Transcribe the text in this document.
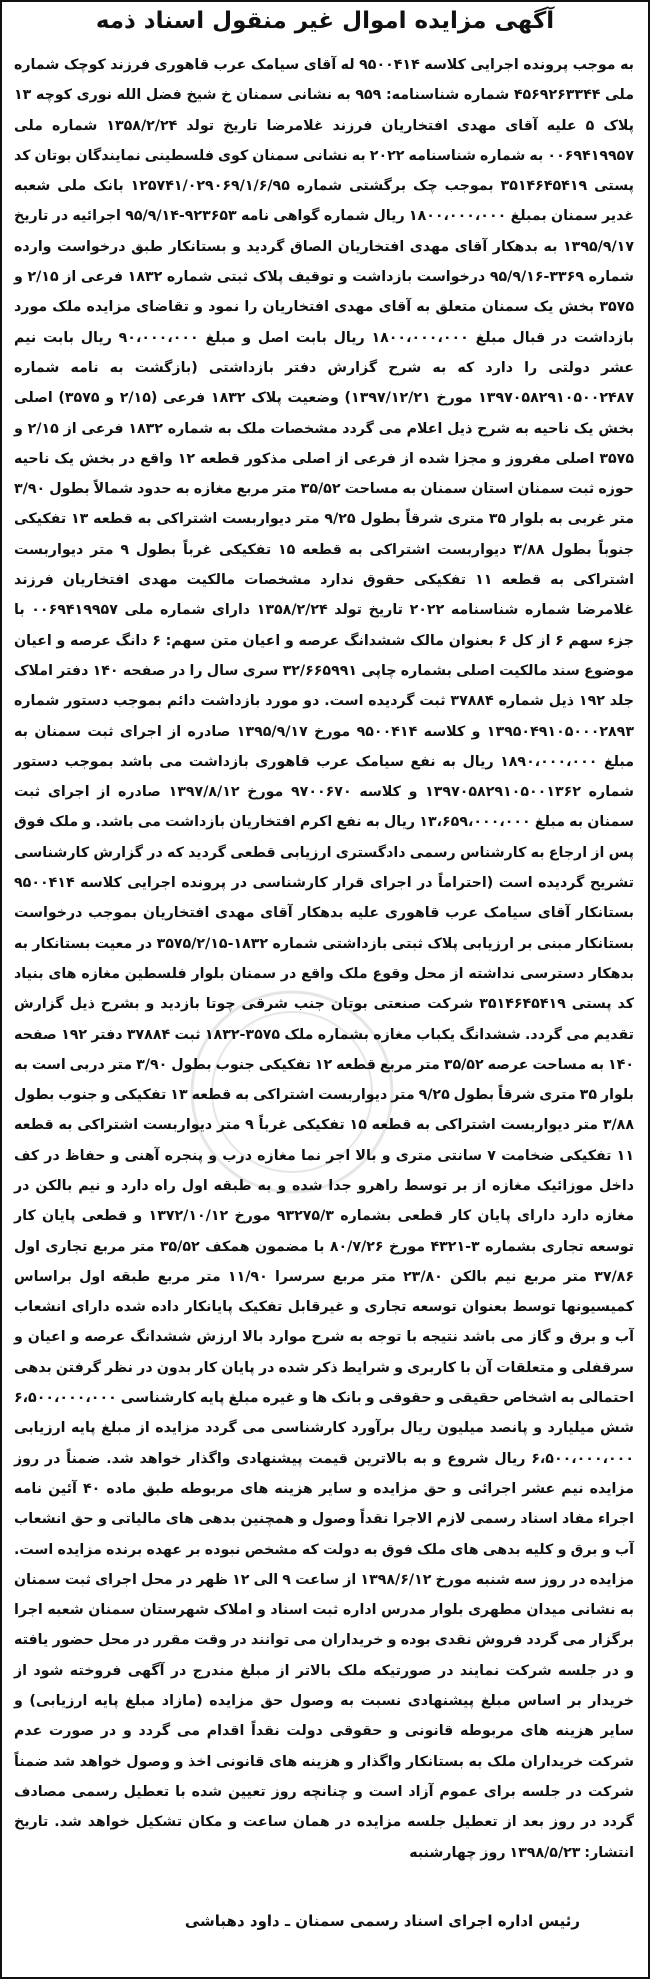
آگهی مزایده اموال غیر منقول اسناد ذمه
به موجب پرونده اجرایی کلاسه ۹۵۰۰۴۱۴ له آقای سیامک عرب قاهوری فرزند کوچک شماره ملی ۴۵۶۹۲۶۳۳۴۴ شماره شناسنامه: ۹۵۹ به نشانی سمنان خ شیخ فضل الله نوری کوچه ۱۳ پلاک ۵ علیه آقای مهدی افتخاریان فرزند غلامرضا تاریخ تولد ۱۳۵۸/۲/۲۴ شماره ملی ۰۰۶۹۴۱۹۹۵۷ به شماره شناسنامه ۲۰۲۲ به نشانی سمنان کوی فلسطینی نمایندگان بوتان کد پستی ۳۵۱۴۶۴۵۴۱۹ بموجب چک برگشتی شماره ۱۲۵۷۴۱/۰۲۹۰۶۹/۱/۶/۹۵ بانک ملی شعبه غدیر سمنان بمبلغ ۱۸۰۰،۰۰۰،۰۰۰ ریال شماره گواهی نامه ۹۲۳۶۵۳-۹۵/۹/۱۴ اجرائیه در تاریخ ۱۳۹۵/۹/۱۷ به بدهکار آقای مهدی افتخاریان الصاق گردید و بستانکار طبق درخواست وارده شماره ۳۳۶۹-۹۵/۹/۱۶ درخواست بازداشت و توقیف پلاک ثبتی شماره ۱۸۳۲ فرعی از ۲/۱۵ و ۳۵۷۵ بخش یک سمنان متعلق به آقای مهدی افتخاریان را نمود و تقاضای مزایده ملک مورد بازداشت در قبال مبلغ ۱۸۰۰،۰۰۰،۰۰۰ ریال بابت اصل و مبلغ ۹۰،۰۰۰،۰۰۰ ریال بابت نیم عشر دولتی را دارد که به شرح گزارش دفتر بازداشتی (بازگشت به نامه شماره ۱۳۹۷۰۵۸۲۹۱۰۵۰۰۲۴۸۷ مورخ ۱۳۹۷/۱۲/۲۱) وضعیت پلاک ۱۸۳۲ فرعی (۲/۱۵ و ۳۵۷۵) اصلی بخش یک ناحیه به شرح ذیل اعلام می گردد مشخصات ملک به شماره ۱۸۳۲ فرعی از ۲/۱۵ و ۳۵۷۵ اصلی مفروز و مجزا شده از فرعی از اصلی مذکور قطعه ۱۲ واقع در بخش یک ناحیه حوزه ثبت سمنان استان سمنان به مساحت ۳۵/۵۲ متر مربع مغازه به حدود شمالاً بطول ۳/۹۰ متر غربی به بلوار ۳۵ متری شرقاً بطول ۹/۲۵ متر دیواربست اشتراکی به قطعه ۱۳ تفکیکی جنوباً بطول ۳/۸۸ دیواربست اشتراکی به قطعه ۱۵ تفکیکی غرباً بطول ۹ متر دیواربست اشتراکی به قطعه ۱۱ تفکیکی حقوق ندارد مشخصات مالکیت مهدی افتخاریان فرزند غلامرضا شماره شناسنامه ۲۰۲۲ تاریخ تولد ۱۳۵۸/۲/۲۴ دارای شماره ملی ۰۰۶۹۴۱۹۹۵۷ با جزء سهم ۶ از کل ۶ بعنوان مالک ششدانگ عرصه و اعیان متن سهم: ۶ دانگ عرصه و اعیان موضوع سند مالکیت اصلی بشماره چاپی ۳۲/۶۶۵۹۹۱ سری سال را در صفحه ۱۴۰ دفتر املاک جلد ۱۹۲ ذیل شماره ۳۷۸۸۴ ثبت گردیده است. دو مورد بازداشت دائم بموجب دستور شماره ۱۳۹۵۰۴۹۱۰۵۰۰۰۲۸۹۳ و کلاسه ۹۵۰۰۴۱۴ مورخ ۱۳۹۵/۹/۱۷ صادره از اجرای ثبت سمنان به مبلغ ۱۸۹۰،۰۰۰،۰۰۰ ریال به نفع سیامک عرب قاهوری بازداشت می باشد بموجب دستور شماره ۱۳۹۷۰۵۸۲۹۱۰۵۰۰۱۳۶۲ و کلاسه ۹۷۰۰۶۷۰ مورخ ۱۳۹۷/۸/۱۲ صادره از اجرای ثبت سمنان به مبلغ ۱۳،۶۵۹،۰۰۰،۰۰۰ ریال به نفع اکرم افتخاریان بازداشت می باشد. و ملک فوق پس از ارجاع به کارشناس رسمی دادگستری ارزیابی قطعی گردید که در گزارش کارشناسی تشریح گردیده است (احتراماً در اجرای قرار کارشناسی در پرونده اجرایی کلاسه ۹۵۰۰۴۱۴ بستانکار آقای سیامک عرب قاهوری علیه بدهکار آقای مهدی افتخاریان بموجب درخواست بستانکار مبنی بر ارزیابی پلاک ثبتی بازداشتی شماره ۱۸۳۲-۳۵۷۵/۲/۱۵ در معیت بستانکار به بدهکار دسترسی نداشته از محل وقوع ملک واقع در سمنان بلوار فلسطین مغازه های بنیاد کد پستی ۳۵۱۴۶۴۵۴۱۹ شرکت صنعتی بوتان جنب شرقی چوتا بازدید و بشرح ذیل گزارش تقدیم می گردد. ششدانگ یکباب مغازه بشماره ملک ۳۵۷۵-۱۸۳۲ ثبت ۳۷۸۸۴ دفتر ۱۹۲ صفحه ۱۴۰ به مساحت عرصه ۳۵/۵۲ متر مربع قطعه ۱۲ تفکیکی جنوب بطول ۳/۹۰ متر دربی است به بلوار ۳۵ متری شرقاً بطول ۹/۲۵ متر دیواربست اشتراکی به قطعه ۱۳ تفکیکی و جنوب بطول ۳/۸۸ متر دیواربست اشتراکی به قطعه ۱۵ تفکیکی غرباً ۹ متر دیواربست اشتراکی به قطعه ۱۱ تفکیکی ضخامت ۷ سانتی متری و بالا اجر نما مغازه درب و پنجره آهنی و حفاظ در کف داخل موزائیک مغازه از بر توسط راهرو جدا شده و به طبقه اول راه دارد و نیم بالکن در مغازه دارد دارای پایان کار قطعی بشماره ۹۳۲۷۵/۳ مورخ ۱۳۷۲/۱۰/۱۲ و قطعی پایان کار توسعه تجاری بشماره ۳-۴۳۲۱ مورخ ۸۰/۷/۲۶ با مضمون همکف ۳۵/۵۲ متر مربع تجاری اول ۳۷/۸۶ متر مربع نیم بالکن ۲۳/۸۰ متر مربع سرسرا ۱۱/۹۰ متر مربع طبقه اول براساس کمیسیونها توسط بعنوان توسعه تجاری و غیرقابل تفکیک پایانکار داده شده دارای انشعاب آب و برق و گاز می باشد نتیجه با توجه به شرح موارد بالا ارزش ششدانگ عرصه و اعیان و سرقفلی و متعلقات آن با کاربری و شرایط ذکر شده در پایان کار بدون در نظر گرفتن بدهی احتمالی به اشخاص حقیقی و حقوقی و بانک ها و غیره مبلغ پایه کارشناسی ۶،۵۰۰،۰۰۰،۰۰۰ شش میلیارد و پانصد میلیون ریال برآورد کارشناسی می گردد مزایده از مبلغ پایه ارزیابی ۶،۵۰۰،۰۰۰،۰۰۰ ریال شروع و به بالاترین قیمت پیشنهادی واگذار خواهد شد. ضمناً در روز مزایده نیم عشر اجرائی و حق مزایده و سایر هزینه های مربوطه طبق ماده ۴۰ آئین نامه اجراء مفاد اسناد رسمی لازم الاجرا نقداً وصول و همچنین بدهی های مالیاتی و حق انشعاب آب و برق و کلیه بدهی های ملک فوق به دولت که مشخص نبوده بر عهده برنده مزایده است. مزایده در روز سه شنبه مورخ ۱۳۹۸/۶/۱۲ از ساعت ۹ الی ۱۲ ظهر در محل اجرای ثبت سمنان به نشانی میدان مطهری بلوار مدرس اداره ثبت اسناد و املاک شهرستان سمنان شعبه اجرا برگزار می گردد فروش نقدی بوده و خریداران می توانند در وقت مقرر در محل حضور یافته و در جلسه شرکت نمایند در صورتیکه ملک بالاتر از مبلغ مندرج در آگهی فروخته شود از خریدار بر اساس مبلغ پیشنهادی نسبت به وصول حق مزایده (مازاد مبلغ پایه ارزیابی) و سایر هزینه های مربوطه قانونی و حقوقی دولت نقداً اقدام می گردد و در صورت عدم شرکت خریداران ملک به بستانکار واگذار و هزینه های قانونی اخذ و وصول خواهد شد ضمناً شرکت در جلسه برای عموم آزاد است و چنانچه روز تعیین شده با تعطیل رسمی مصادف گردد در روز بعد از تعطیل جلسه مزایده در همان ساعت و مکان تشکیل خواهد شد. تاریخ انتشار: ۱۳۹۸/۵/۲۳ روز چهارشنبه
رئیس اداره اجرای اسناد رسمی سمنان ـ داود دهباشی
